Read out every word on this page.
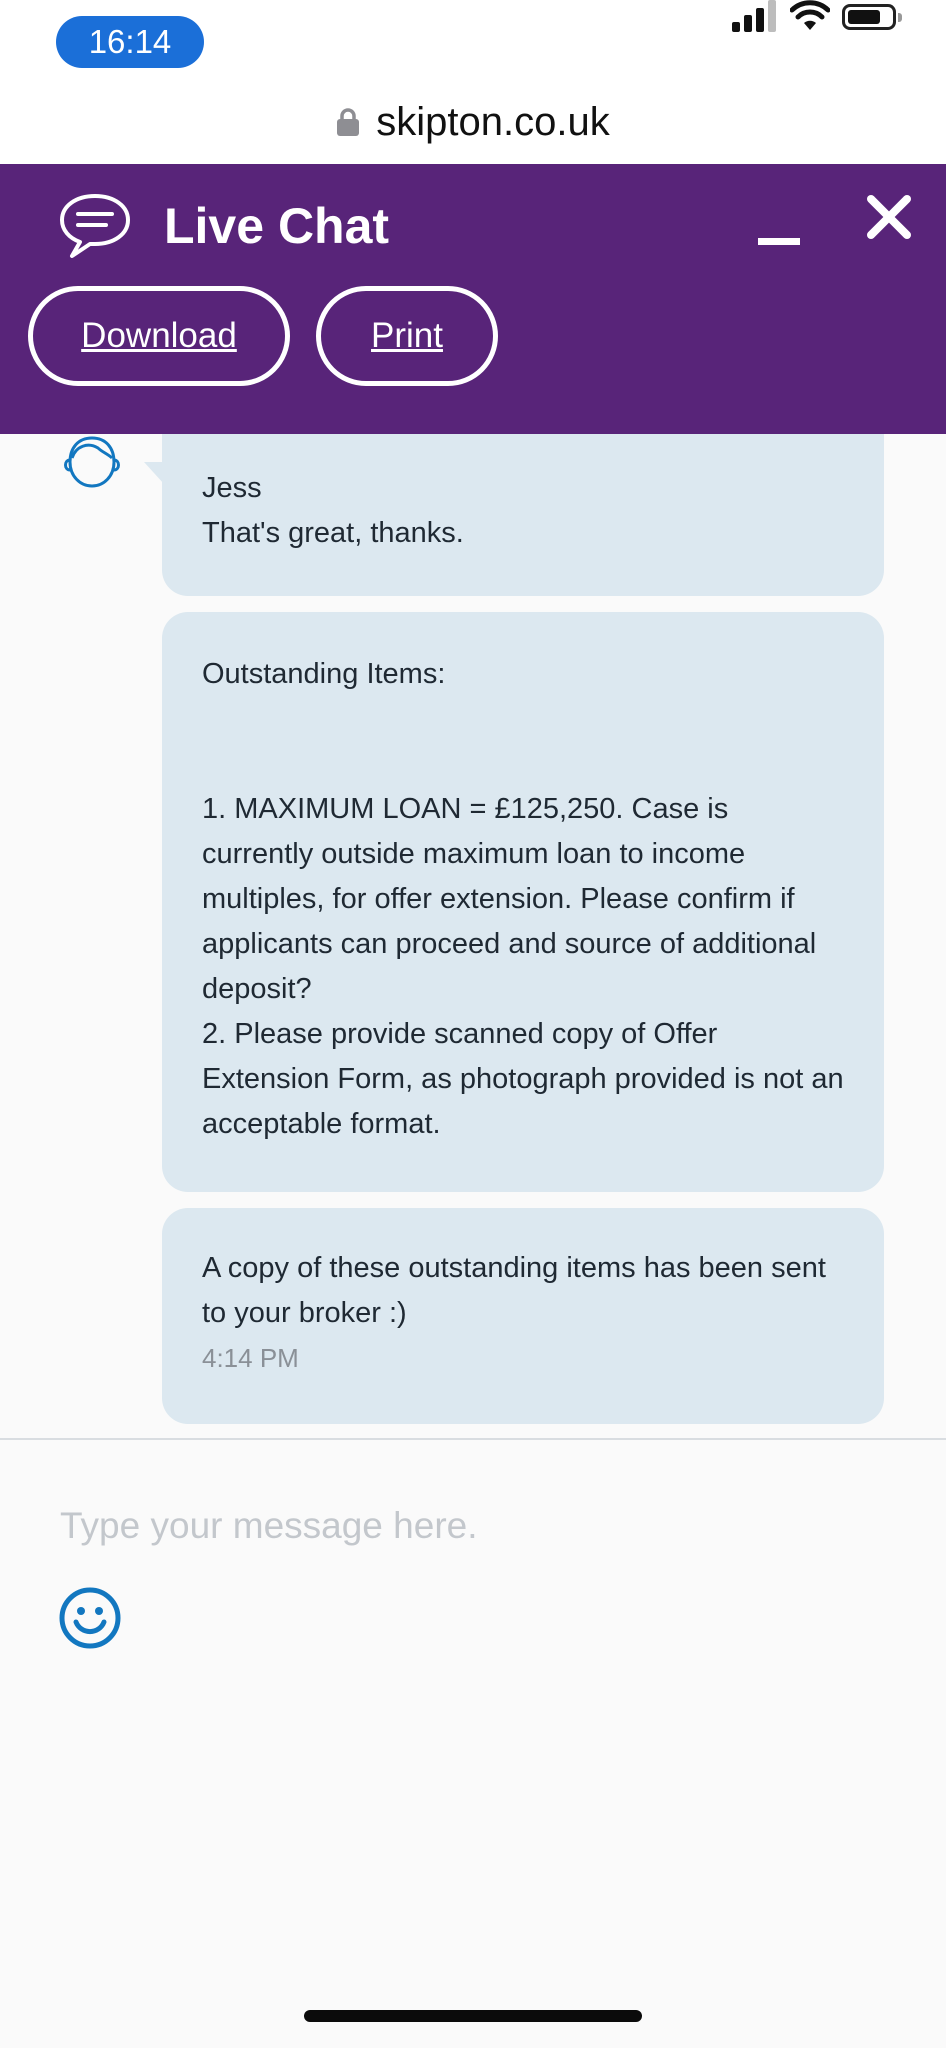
16:14
skipton.co.uk
Live Chat
Download	Print
Jess
That's great, thanks.
Outstanding Items:
1. MAXIMUM LOAN = £125,250. Case is currently outside maximum loan to income multiples, for offer extension. Please confirm if applicants can proceed and source of additional deposit?
2. Please provide scanned copy of Offer Extension Form, as photograph provided is not an acceptable format.
A copy of these outstanding items has been sent to your broker :)
4:14 PM
Type your message here.
